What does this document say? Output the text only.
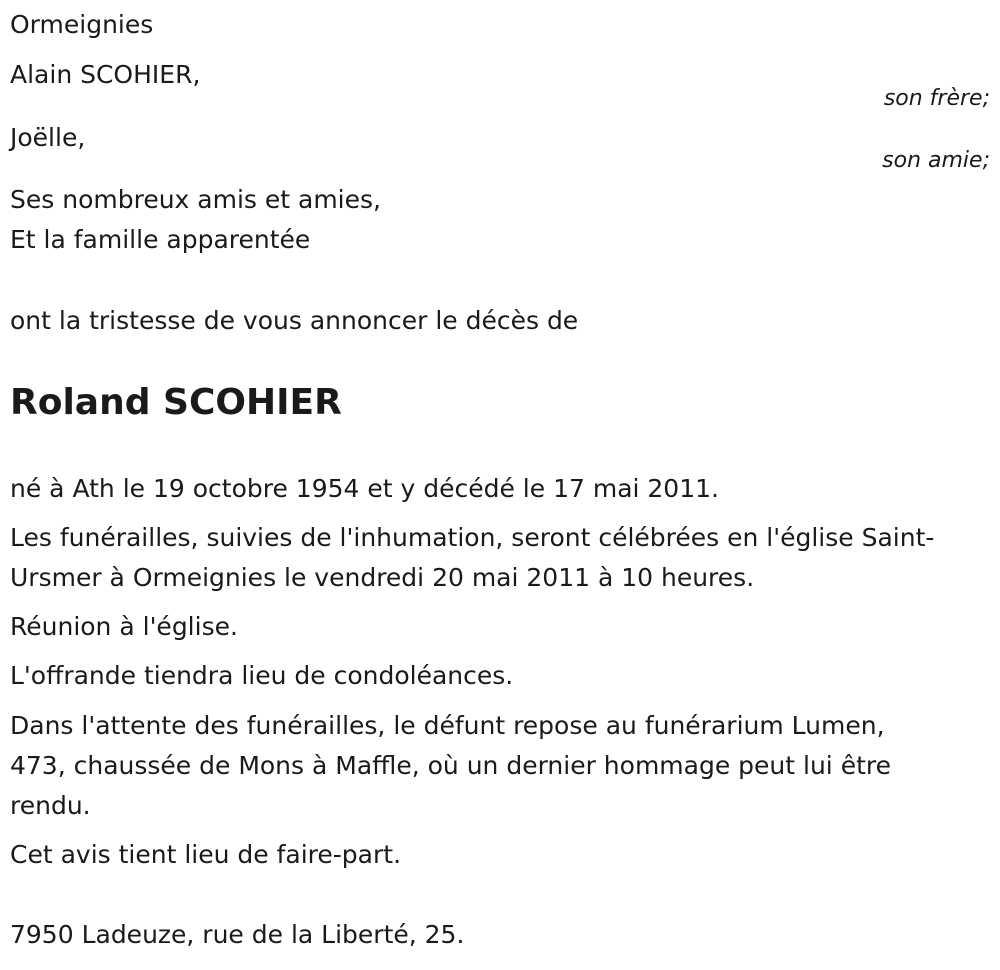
Ormeignies
Alain SCOHIER,
son frère;
Joëlle,
son amie;
Ses nombreux amis et amies,
Et la famille apparentée
ont la tristesse de vous annoncer le décès de
Roland SCOHIER
né à Ath le 19 octobre 1954 et y décédé le 17 mai 2011.
Les funérailles, suivies de l'inhumation, seront célébrées en l'église Saint-
Ursmer à Ormeignies le vendredi 20 mai 2011 à 10 heures.
Réunion à l'église.
L'offrande tiendra lieu de condoléances.
Dans l'attente des funérailles, le défunt repose au funérarium Lumen,
473, chaussée de Mons à Maffle, où un dernier hommage peut lui être
rendu.
Cet avis tient lieu de faire-part.
7950 Ladeuze, rue de la Liberté, 25.
